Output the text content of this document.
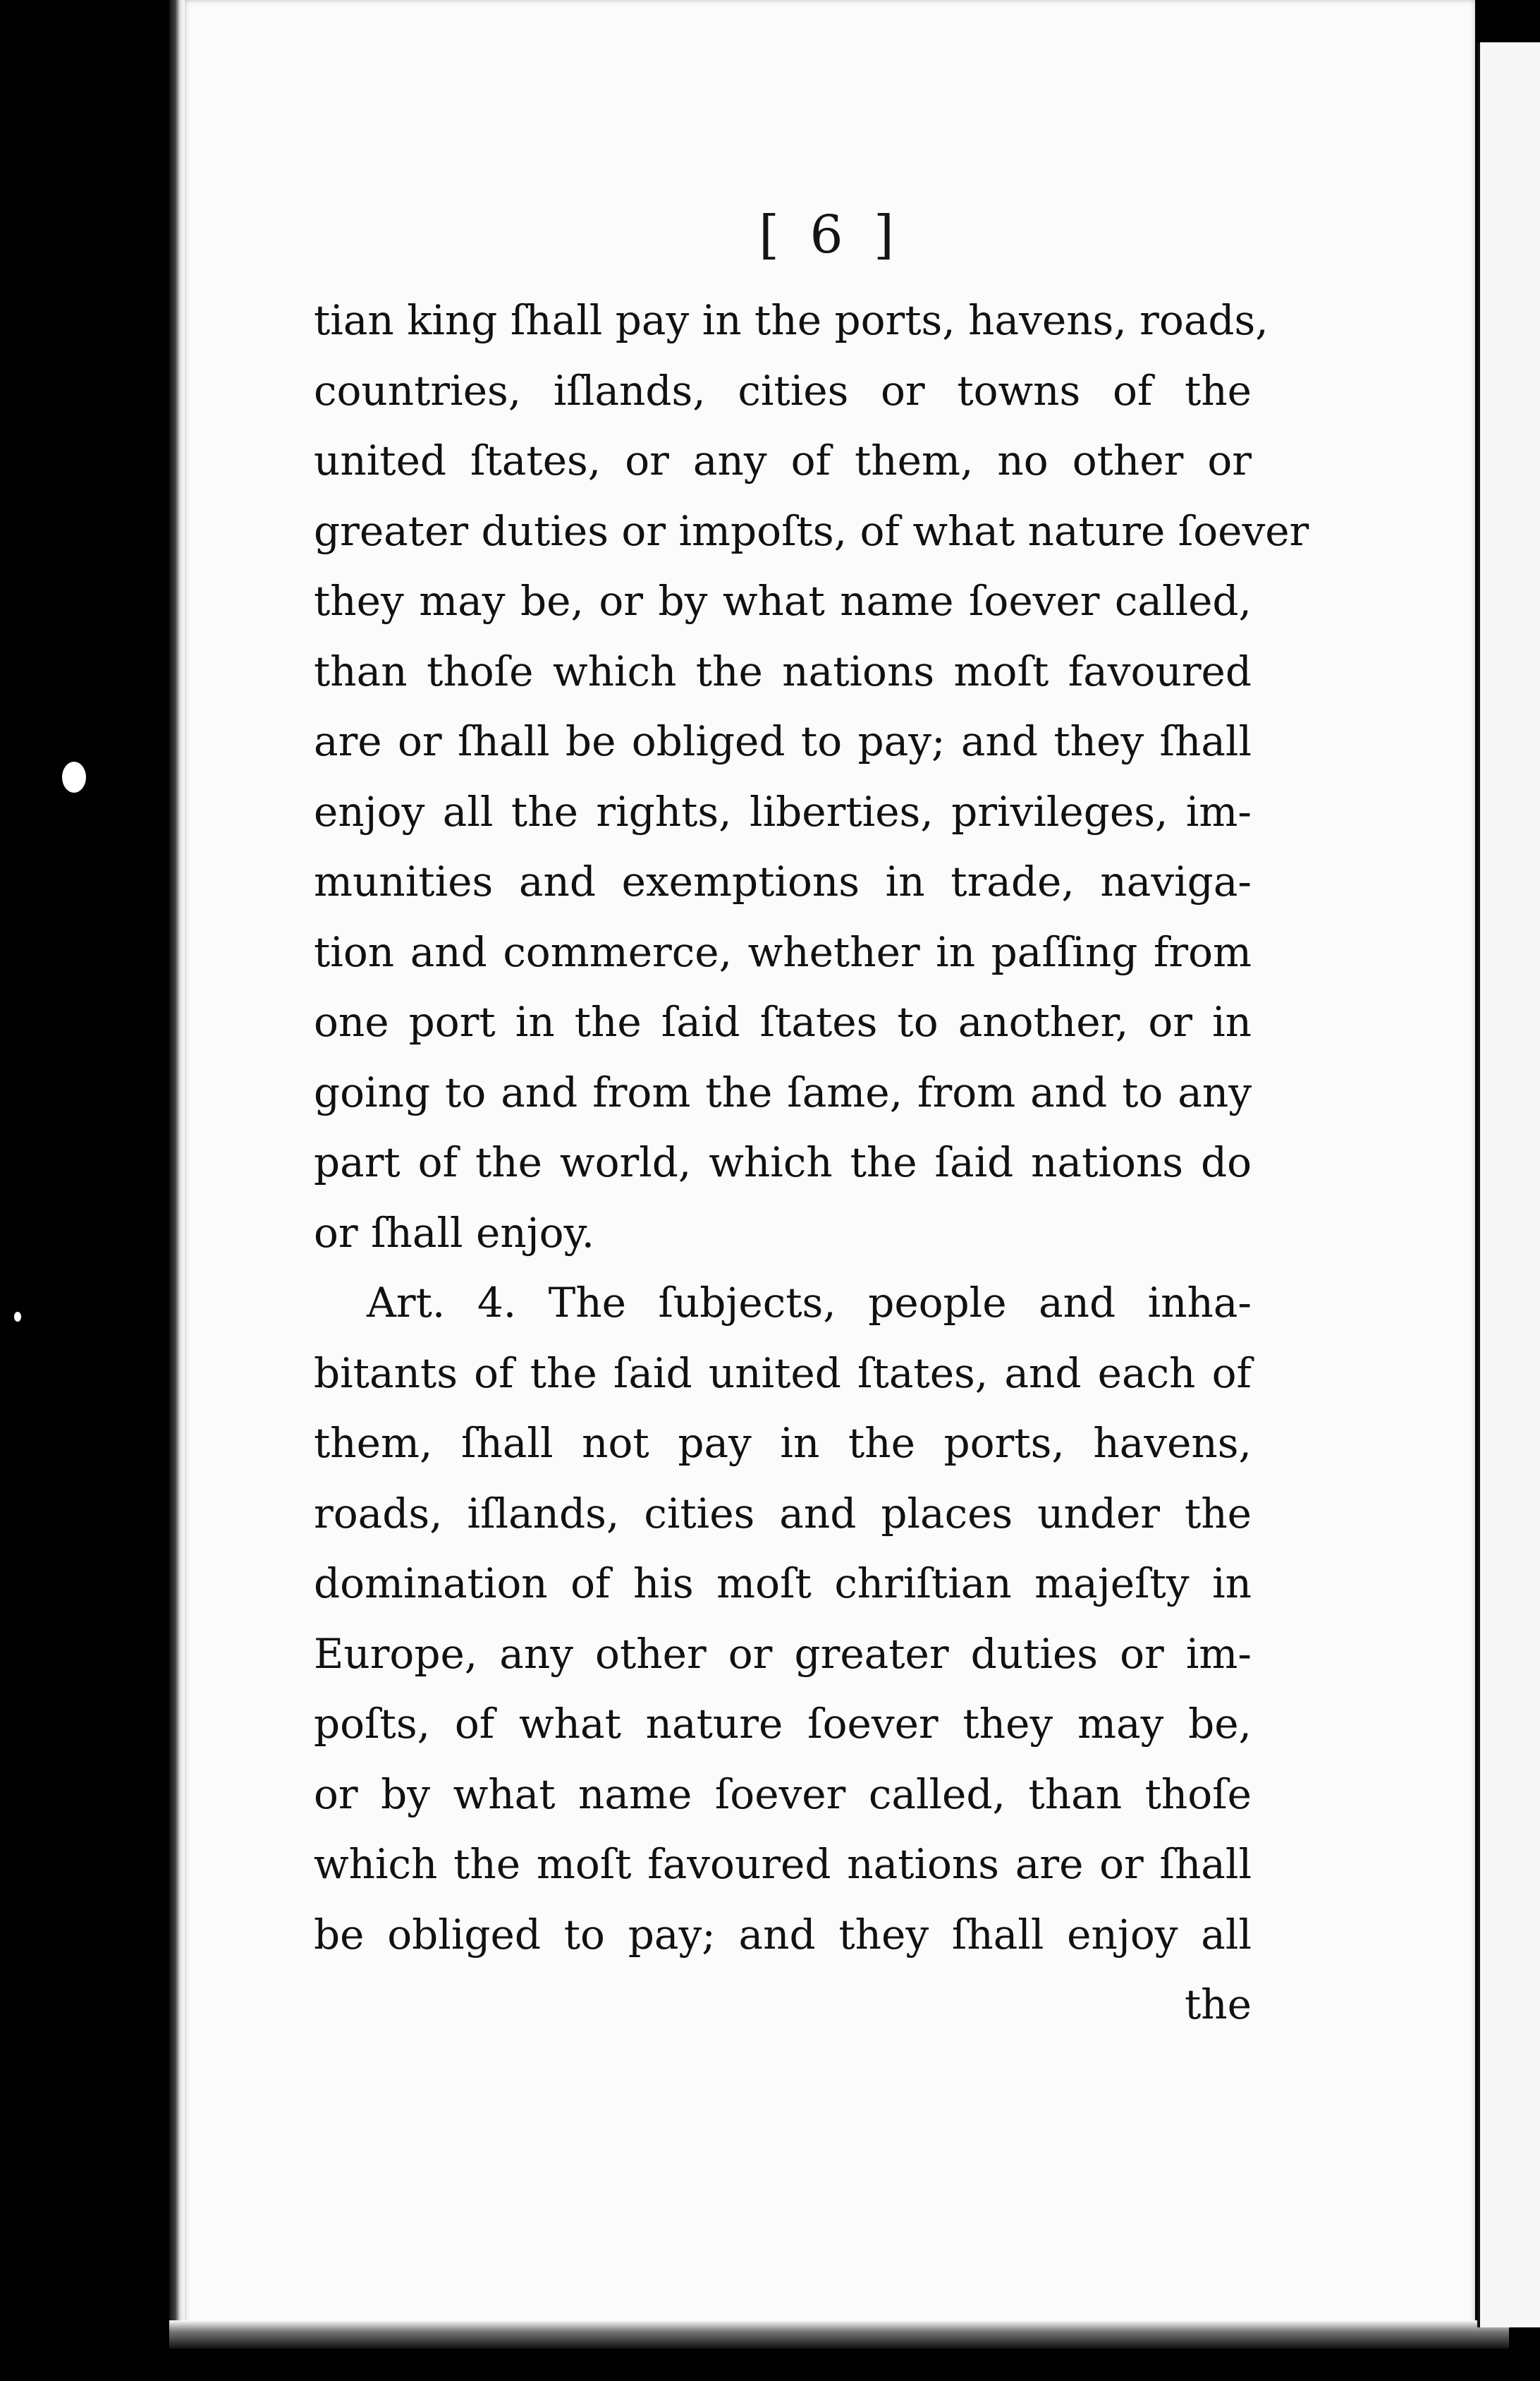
[ 6 ]
tian king ſhall pay in the ports, havens, roads,
countries, iſlands, cities or towns of the
united ſtates, or any of them, no other or
greater duties or impoſts, of what nature ſoever
they may be, or by what name ſoever called,
than thoſe which the nations moſt favoured
are or ſhall be obliged to pay; and they ſhall
enjoy all the rights, liberties, privileges, im-
munities and exemptions in trade, naviga-
tion and commerce, whether in paſſing from
one port in the ſaid ſtates to another, or in
going to and from the ſame, from and to any
part of the world, which the ſaid nations do
or ſhall enjoy.
Art. 4. The ſubjects, people and inha-
bitants of the ſaid united ſtates, and each of
them, ſhall not pay in the ports, havens,
roads, iſlands, cities and places under the
domination of his moſt chriſtian majeſty in
Europe, any other or greater duties or im-
poſts, of what nature ſoever they may be,
or by what name ſoever called, than thoſe
which the moſt favoured nations are or ſhall
be obliged to pay; and they ſhall enjoy all
the
